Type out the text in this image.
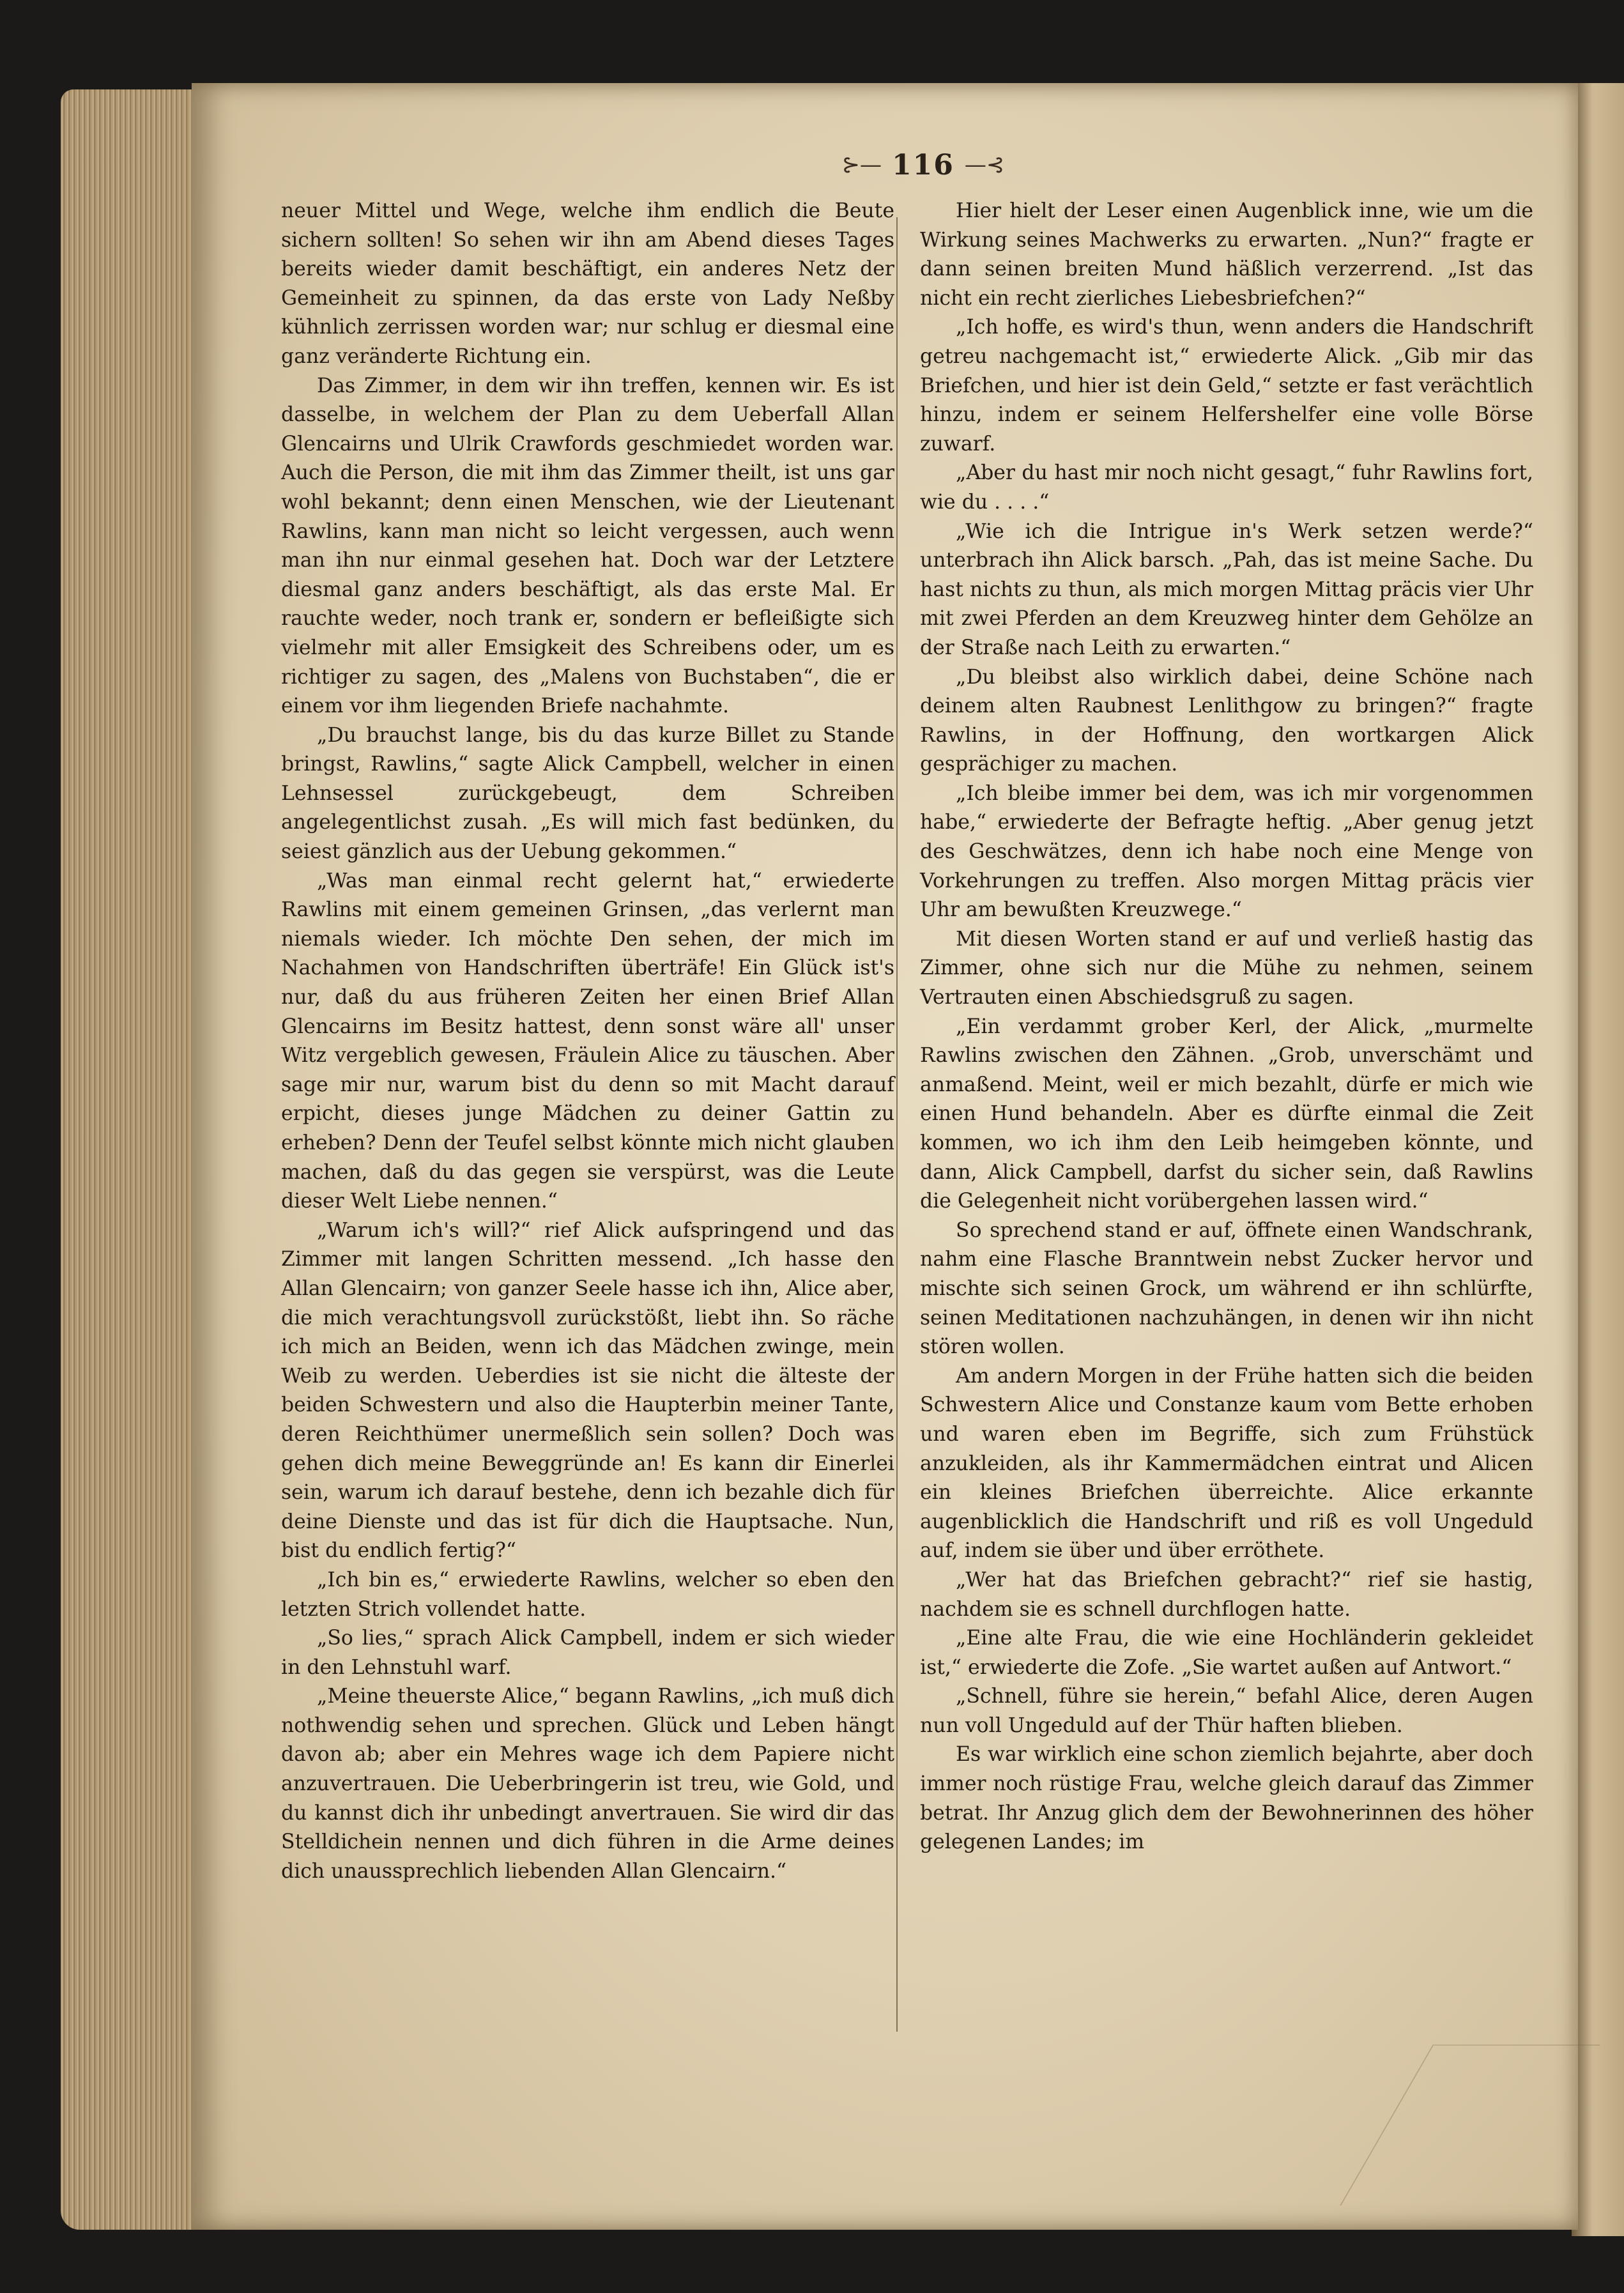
⊱— 116 —⊰

neuer Mittel und Wege, welche ihm endlich die Beute sichern sollten! So sehen wir ihn am Abend dieses Tages bereits wieder damit beschäftigt, ein anderes Netz der Gemeinheit zu spinnen, da das erste von Lady Neßby kühnlich zerrissen worden war; nur schlug er diesmal eine ganz veränderte Richtung ein.

Das Zimmer, in dem wir ihn treffen, kennen wir. Es ist dasselbe, in welchem der Plan zu dem Ueberfall Allan Glencairns und Ulrik Crawfords geschmiedet worden war. Auch die Person, die mit ihm das Zimmer theilt, ist uns gar wohl bekannt; denn einen Menschen, wie der Lieutenant Rawlins, kann man nicht so leicht vergessen, auch wenn man ihn nur einmal gesehen hat. Doch war der Letztere diesmal ganz anders beschäftigt, als das erste Mal. Er rauchte weder, noch trank er, sondern er befleißigte sich vielmehr mit aller Emsigkeit des Schreibens oder, um es richtiger zu sagen, des „Malens von Buchstaben“, die er einem vor ihm liegenden Briefe nachahmte.

„Du brauchst lange, bis du das kurze Billet zu Stande bringst, Rawlins,“ sagte Alick Campbell, welcher in einen Lehnsessel zurückgebeugt, dem Schreiben angelegentlichst zusah. „Es will mich fast bedünken, du seiest gänzlich aus der Uebung gekommen.“

„Was man einmal recht gelernt hat,“ erwiederte Rawlins mit einem gemeinen Grinsen, „das verlernt man niemals wieder. Ich möchte Den sehen, der mich im Nachahmen von Handschriften überträfe! Ein Glück ist's nur, daß du aus früheren Zeiten her einen Brief Allan Glencairns im Besitz hattest, denn sonst wäre all' unser Witz vergeblich gewesen, Fräulein Alice zu täuschen. Aber sage mir nur, warum bist du denn so mit Macht darauf erpicht, dieses junge Mädchen zu deiner Gattin zu erheben? Denn der Teufel selbst könnte mich nicht glauben machen, daß du das gegen sie verspürst, was die Leute dieser Welt Liebe nennen.“

„Warum ich's will?“ rief Alick aufspringend und das Zimmer mit langen Schritten messend. „Ich hasse den Allan Glencairn; von ganzer Seele hasse ich ihn, Alice aber, die mich verachtungsvoll zurückstößt, liebt ihn. So räche ich mich an Beiden, wenn ich das Mädchen zwinge, mein Weib zu werden. Ueberdies ist sie nicht die älteste der beiden Schwestern und also die Haupterbin meiner Tante, deren Reichthümer unermeßlich sein sollen? Doch was gehen dich meine Beweggründe an! Es kann dir Einerlei sein, warum ich darauf bestehe, denn ich bezahle dich für deine Dienste und das ist für dich die Hauptsache. Nun, bist du endlich fertig?“

„Ich bin es,“ erwiederte Rawlins, welcher so eben den letzten Strich vollendet hatte.

„So lies,“ sprach Alick Campbell, indem er sich wieder in den Lehnstuhl warf.

„Meine theuerste Alice,“ begann Rawlins, „ich muß dich nothwendig sehen und sprechen. Glück und Leben hängt davon ab; aber ein Mehres wage ich dem Papiere nicht anzuvertrauen. Die Ueberbringerin ist treu, wie Gold, und du kannst dich ihr unbedingt anvertrauen. Sie wird dir das Stelldichein nennen und dich führen in die Arme deines dich unaussprechlich liebenden Allan Glencairn.“

Hier hielt der Leser einen Augenblick inne, wie um die Wirkung seines Machwerks zu erwarten. „Nun?“ fragte er dann seinen breiten Mund häßlich verzerrend. „Ist das nicht ein recht zierliches Liebesbriefchen?“

„Ich hoffe, es wird's thun, wenn anders die Handschrift getreu nachgemacht ist,“ erwiederte Alick. „Gib mir das Briefchen, und hier ist dein Geld,“ setzte er fast verächtlich hinzu, indem er seinem Helfershelfer eine volle Börse zuwarf.

„Aber du hast mir noch nicht gesagt,“ fuhr Rawlins fort, wie du . . . .“

„Wie ich die Intrigue in's Werk setzen werde?“ unterbrach ihn Alick barsch. „Pah, das ist meine Sache. Du hast nichts zu thun, als mich morgen Mittag präcis vier Uhr mit zwei Pferden an dem Kreuzweg hinter dem Gehölze an der Straße nach Leith zu erwarten.“

„Du bleibst also wirklich dabei, deine Schöne nach deinem alten Raubnest Lenlithgow zu bringen?“ fragte Rawlins, in der Hoffnung, den wortkargen Alick gesprächiger zu machen.

„Ich bleibe immer bei dem, was ich mir vorgenommen habe,“ erwiederte der Befragte heftig. „Aber genug jetzt des Geschwätzes, denn ich habe noch eine Menge von Vorkehrungen zu treffen. Also morgen Mittag präcis vier Uhr am bewußten Kreuzwege.“

Mit diesen Worten stand er auf und verließ hastig das Zimmer, ohne sich nur die Mühe zu nehmen, seinem Vertrauten einen Abschiedsgruß zu sagen.

„Ein verdammt grober Kerl, der Alick, „murmelte Rawlins zwischen den Zähnen. „Grob, unverschämt und anmaßend. Meint, weil er mich bezahlt, dürfe er mich wie einen Hund behandeln. Aber es dürfte einmal die Zeit kommen, wo ich ihm den Leib heimgeben könnte, und dann, Alick Campbell, darfst du sicher sein, daß Rawlins die Gelegenheit nicht vorübergehen lassen wird.“

So sprechend stand er auf, öffnete einen Wandschrank, nahm eine Flasche Branntwein nebst Zucker hervor und mischte sich seinen Grock, um während er ihn schlürfte, seinen Meditationen nachzuhängen, in denen wir ihn nicht stören wollen.

Am andern Morgen in der Frühe hatten sich die beiden Schwestern Alice und Constanze kaum vom Bette erhoben und waren eben im Begriffe, sich zum Frühstück anzukleiden, als ihr Kammermädchen eintrat und Alicen ein kleines Briefchen überreichte. Alice erkannte augenblicklich die Handschrift und riß es voll Ungeduld auf, indem sie über und über erröthete.

„Wer hat das Briefchen gebracht?“ rief sie hastig, nachdem sie es schnell durchflogen hatte.

„Eine alte Frau, die wie eine Hochländerin gekleidet ist,“ erwiederte die Zofe. „Sie wartet außen auf Antwort.“

„Schnell, führe sie herein,“ befahl Alice, deren Augen nun voll Ungeduld auf der Thür haften blieben.

Es war wirklich eine schon ziemlich bejahrte, aber doch immer noch rüstige Frau, welche gleich darauf das Zimmer betrat. Ihr Anzug glich dem der Bewohnerinnen des höher gelegenen Landes; im
